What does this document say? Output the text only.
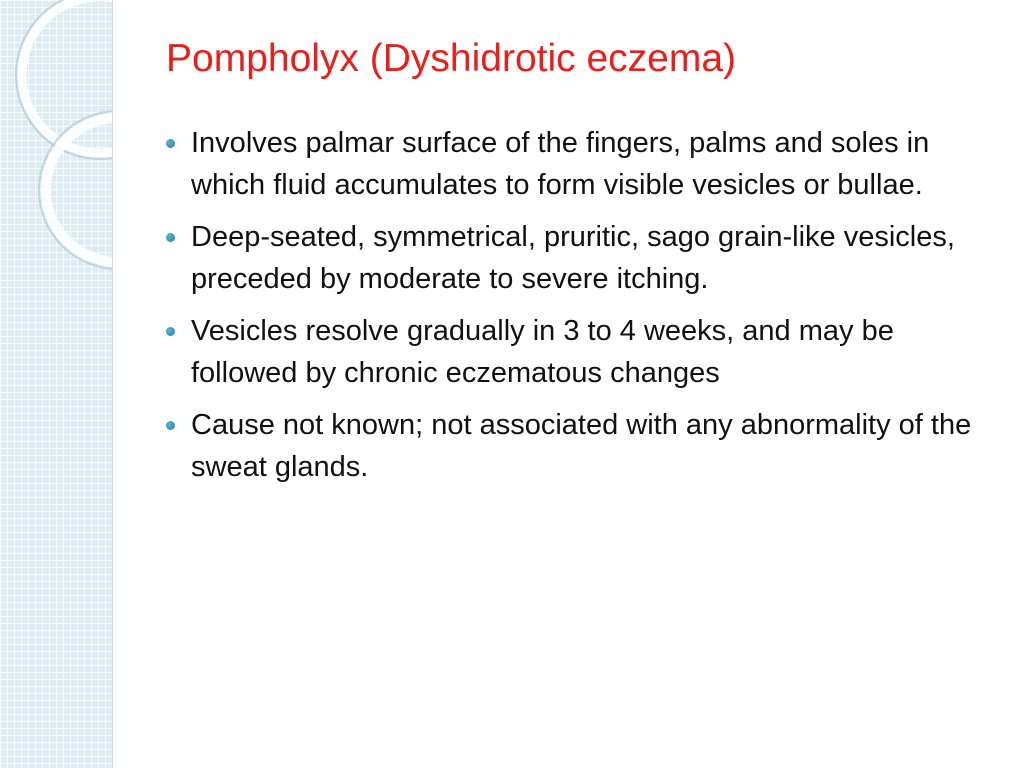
Pompholyx (Dyshidrotic eczema)
Involves palmar surface of the fingers, palms and soles in which fluid accumulates to form visible vesicles or bullae.
Deep-seated, symmetrical, pruritic, sago grain-like vesicles, preceded by moderate to severe itching.
Vesicles resolve gradually in 3 to 4 weeks, and may be followed by chronic eczematous changes
Cause not known; not associated with any abnormality of the sweat glands.
